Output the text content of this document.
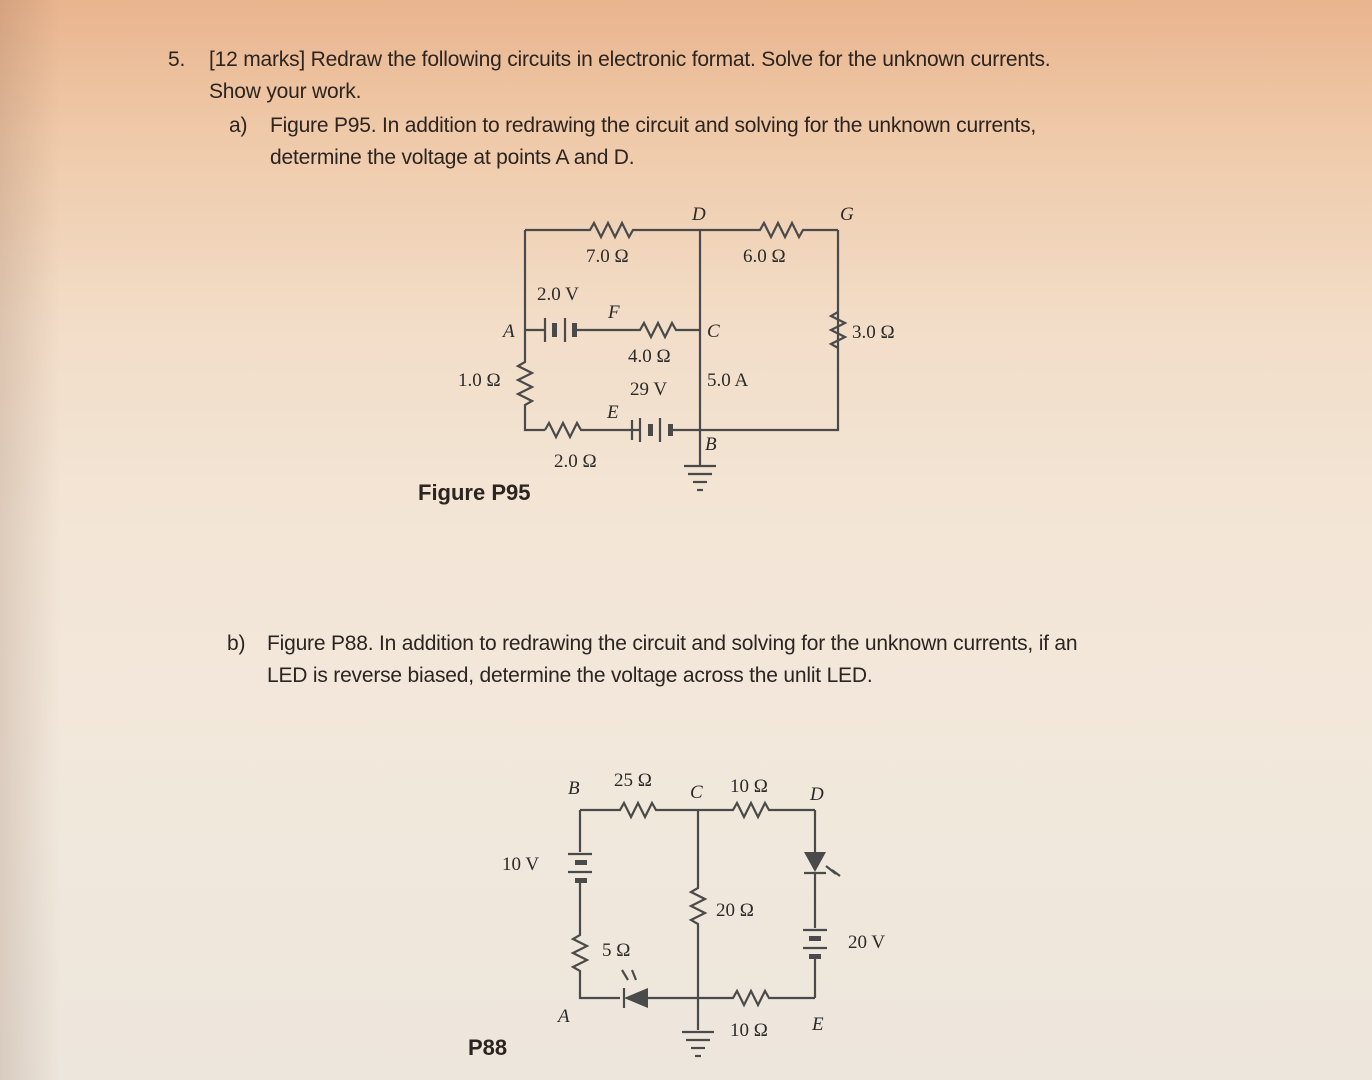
5. [12 marks] Redraw the following circuits in electronic format. Solve for the unknown currents.
Show your work.
a) Figure P95. In addition to redrawing the circuit and solving for the unknown currents,
determine the voltage at points A and D.
b) Figure P88. In addition to redrawing the circuit and solving for the unknown currents, if an
LED is reverse biased, determine the voltage across the unlit LED.
Figure P95
P88
A
B
C
D
E
F
G
7.0 Ω	6.0 Ω
2.0 V
4.0 Ω
29 V 5.0 A
3.0 Ω
1.0 Ω
2.0 Ω
B	C	D
A	E
25 Ω	10 Ω
10 V
20 Ω
5 Ω	20 V
10 Ω
